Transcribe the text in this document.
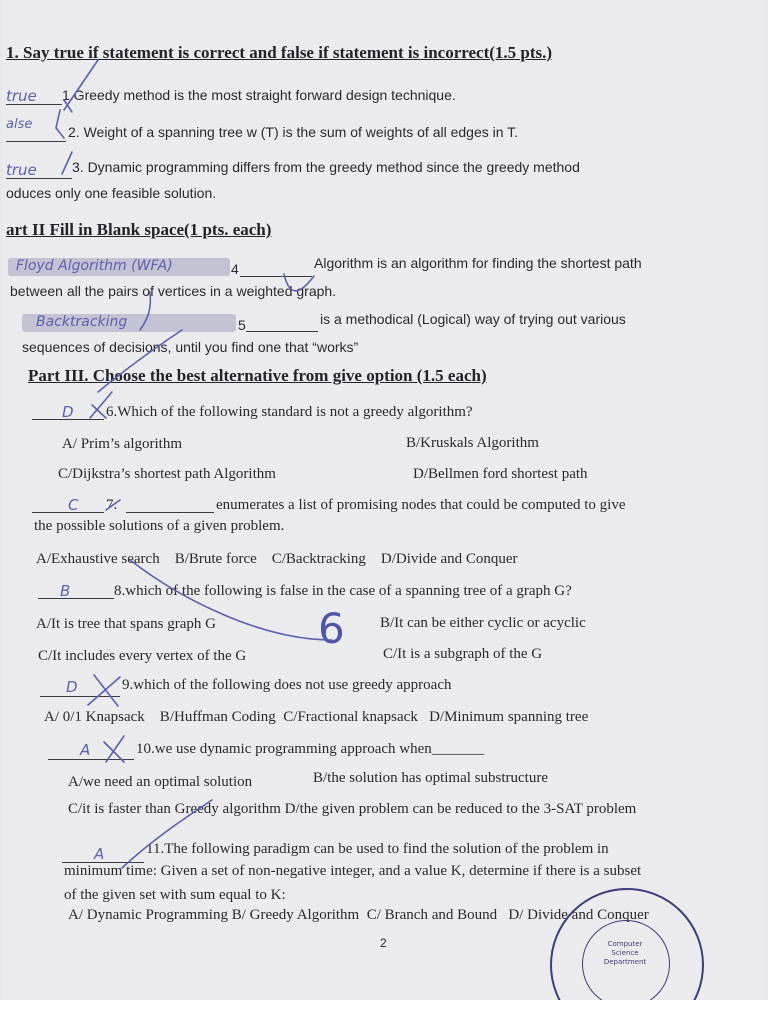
1. Say true if statement is correct and false if statement is incorrect(1.5 pts.)
true 1.Greedy method is the most straight forward design technique.
alse	2. Weight of a spanning tree w (T) is the sum of weights of all edges in T.
true	3. Dynamic programming differs from the greedy method since the greedy method
oduces only one feasible solution.
art II Fill in Blank space(1 pts. each)
Floyd Algorithm (WFA)	4	Algorithm is an algorithm for finding the shortest path
between all the pairs of vertices in a weighted graph.
Backtracking	5	is a methodical (Logical) way of trying out various
sequences of decisions, until you find one that “works”
Part III. Choose the best alternative from give option (1.5 each)
D 6.Which of the following standard is not a greedy algorithm?
A/ Prim’s algorithm	B/Kruskals Algorithm
C/Dijkstra’s shortest path Algorithm	D/Bellmen ford shortest path
C 7.	enumerates a list of promising nodes that could be computed to give
the possible solutions of a given problem.
A/Exhaustive search    B/Brute force    C/Backtracking    D/Divide and Conquer
B	8.which of the following is false in the case of a spanning tree of a graph G?
A/It is tree that spans graph G	B/It can be either cyclic or acyclic
C/It includes every vertex of the G	C/It is a subgraph of the G
6
D	9.which of the following does not use greedy approach
A/ 0/1 Knapsack    B/Huffman Coding  C/Fractional knapsack   D/Minimum spanning tree
A	10.we use dynamic programming approach when_______
A/we need an optimal solution	B/the solution has optimal substructure
C/it is faster than Greedy algorithm D/the given problem can be reduced to the 3-SAT problem
A	11.The following paradigm can be used to find the solution of the problem in
minimum time: Given a set of non-negative integer, and a value K, determine if there is a subset
of the given set with sum equal to K:
A/ Dynamic Programming B/ Greedy Algorithm  C/ Branch and Bound   D/ Divide and Conquer
2	Computer
Science
Department
